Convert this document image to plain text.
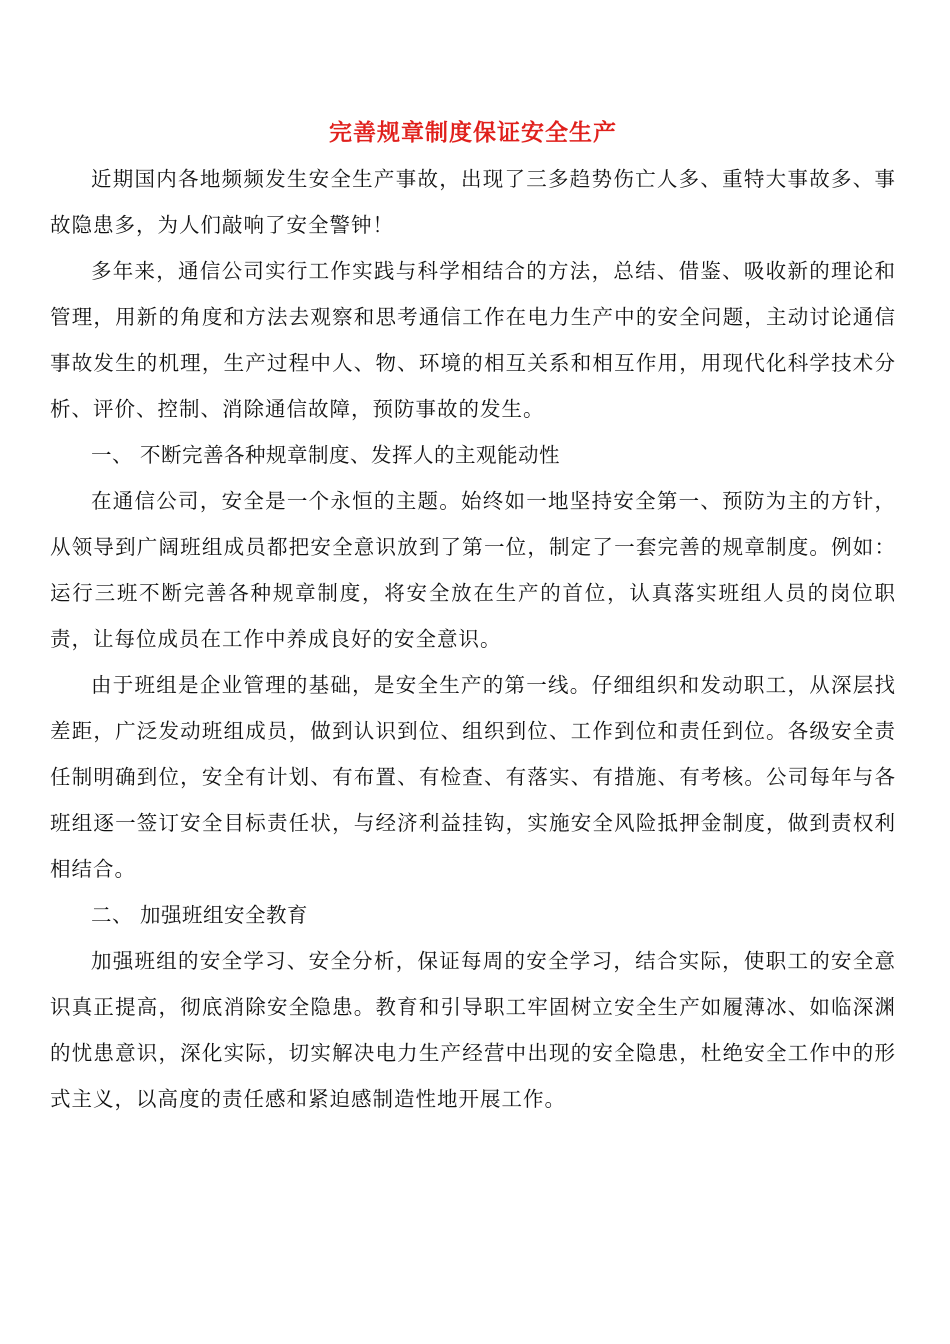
完善规章制度保证安全生产

近期国内各地频频发生安全生产事故，出现了三多趋势伤亡人多、重特大事故多、事故隐患多，为人们敲响了安全警钟！

多年来，通信公司实行工作实践与科学相结合的方法，总结、借鉴、吸收新的理论和管理，用新的角度和方法去观察和思考通信工作在电力生产中的安全问题，主动讨论通信事故发生的机理，生产过程中人、物、环境的相互关系和相互作用，用现代化科学技术分析、评价、控制、消除通信故障，预防事故的发生。

一、 不断完善各种规章制度、发挥人的主观能动性

在通信公司，安全是一个永恒的主题。始终如一地坚持安全第一、预防为主的方针，从领导到广阔班组成员都把安全意识放到了第一位，制定了一套完善的规章制度。例如：运行三班不断完善各种规章制度，将安全放在生产的首位，认真落实班组人员的岗位职责，让每位成员在工作中养成良好的安全意识。

由于班组是企业管理的基础，是安全生产的第一线。仔细组织和发动职工，从深层找差距，广泛发动班组成员，做到认识到位、组织到位、工作到位和责任到位。各级安全责任制明确到位，安全有计划、有布置、有检查、有落实、有措施、有考核。公司每年与各班组逐一签订安全目标责任状，与经济利益挂钩，实施安全风险抵押金制度，做到责权利相结合。

二、 加强班组安全教育

加强班组的安全学习、安全分析，保证每周的安全学习，结合实际，使职工的安全意识真正提高，彻底消除安全隐患。教育和引导职工牢固树立安全生产如履薄冰、如临深渊的忧患意识，深化实际，切实解决电力生产经营中出现的安全隐患，杜绝安全工作中的形式主义，以高度的责任感和紧迫感制造性地开展工作。
